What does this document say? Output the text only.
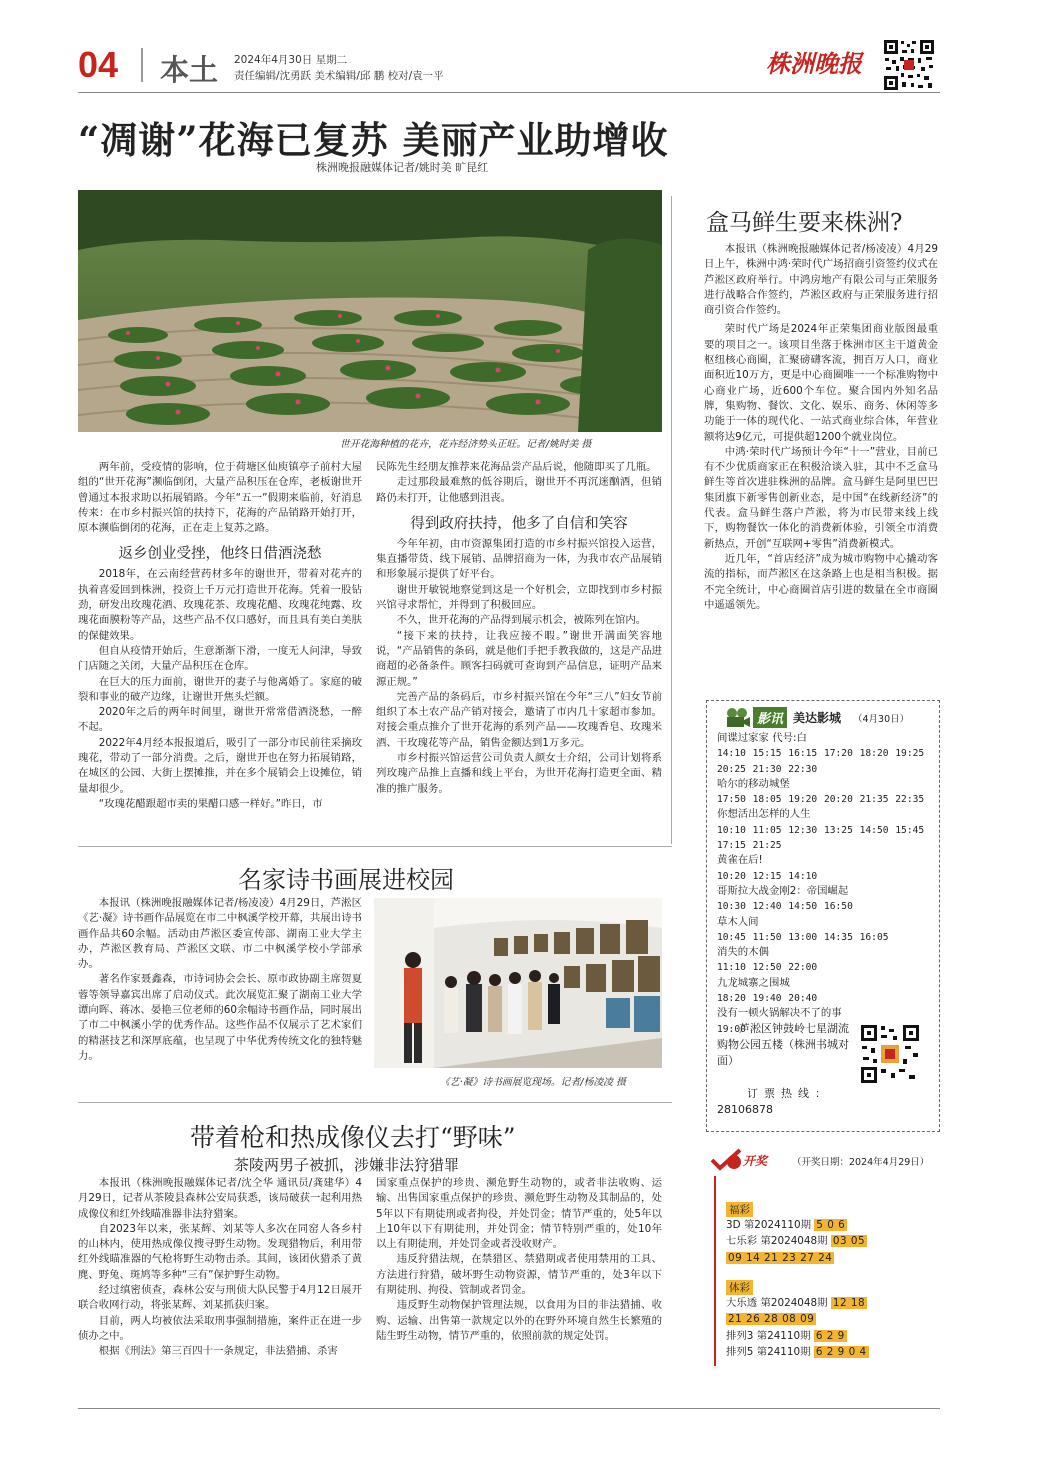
04 本土 2024年4月30日 星期二
责任编辑/沈勇跃 美术编辑/邱 鹏 校对/袁一平	株洲晚报
“凋谢”花海已复苏 美丽产业助增收
株洲晚报融媒体记者/姚时美 旷昆红
世开花海种植的花卉，花卉经济势头正旺。记者/姚时美 摄

两年前，受疫情的影响，位于荷塘区仙庾镇亭子前村大屋组的“世开花海”濒临倒闭，大量产品积压在仓库，老板谢世开曾通过本报求助以拓展销路。今年“五一”假期来临前，好消息传来：在市乡村振兴馆的扶持下，花海的产品销路开始打开，原本濒临倒闭的花海，正在走上复苏之路。

返乡创业受挫，他终日借酒浇愁

2018年，在云南经营药材多年的谢世开，带着对花卉的执着喜爱回到株洲，投资上千万元打造世开花海。凭着一股钻劲，研发出玫瑰花酒、玫瑰花茶、玫瑰花醋、玫瑰花纯露、玫瑰花面膜粉等产品，这些产品不仅口感好，而且具有美白美肤的保健效果。

但自从疫情开始后，生意渐渐下滑，一度无人问津，导致门店随之关闭，大量产品积压在仓库。

在巨大的压力面前，谢世开的妻子与他离婚了。家庭的破裂和事业的破产边缘，让谢世开焦头烂额。

2020年之后的两年时间里，谢世开常常借酒浇愁，一醉不起。

2022年4月经本报报道后，吸引了一部分市民前往采摘玫瑰花，带动了一部分消费。之后，谢世开也在努力拓展销路，在城区的公园、大街上摆摊推，并在多个展销会上设摊位，销量却很少。

“玫瑰花醋跟超市卖的果醋口感一样好。”昨日，市

民陈先生经朋友推荐来花海品尝产品后说，他随即买了几瓶。

走过那段最难熬的低谷期后，谢世开不再沉迷酗酒，但销路仍未打开，让他感到沮丧。

得到政府扶持，他多了自信和笑容

今年年初，由市资源集团打造的市乡村振兴馆投入运营，集直播带货、线下展销、品牌招商为一体，为我市农产品展销和形象展示提供了好平台。

谢世开敏锐地察觉到这是一个好机会，立即找到市乡村振兴馆寻求帮忙，并得到了积极回应。

不久，世开花海的产品得到展示机会，被陈列在馆内。

“接下来的扶持，让我应接不暇。”谢世开满面笑容地说，“产品销售的条码，就是他们手把手教我做的，这是产品进商超的必备条件。顾客扫码就可查询到产品信息，证明产品来源正规。”

完善产品的条码后，市乡村振兴馆在今年“三八”妇女节前组织了本土农产品产销对接会，邀请了市内几十家超市参加。对接会重点推介了世开花海的系列产品——玫瑰香皂、玫瑰米酒、干玫瑰花等产品，销售金额达到1万多元。

市乡村振兴馆运营公司负责人颜女士介绍，公司计划将系列玫瑰产品推上直播和线上平台，为世开花海打造更全面、精准的推广服务。

盒马鲜生要来株洲?

本报讯（株洲晚报融媒体记者/杨凌凌）4月29日上午，株洲中鸿·荣时代广场招商引资签约仪式在芦淞区政府举行。中鸿房地产有限公司与正荣服务进行战略合作签约，芦淞区政府与正荣服务进行招商引资合作签约。

荣时代广场是2024年正荣集团商业版图最重要的项目之一。该项目坐落于株洲市区主干道黄金枢纽核心商圈，汇聚磅礴客流，拥百万人口，商业面积近10万方，更是中心商圈唯一一个标准购物中心商业广场，近600个车位。聚合国内外知名品牌，集购物、餐饮、文化、娱乐、商务、休闲等多功能于一体的现代化、一站式商业综合体，年营业额将达9亿元，可提供超1200个就业岗位。

中鸿·荣时代广场预计今年“十一”营业，目前已有不少优质商家正在积极洽谈入驻，其中不乏盒马鲜生等首次进驻株洲的品牌。盒马鲜生是阿里巴巴集团旗下新零售创新业态，是中国“在线新经济”的代表。盒马鲜生落户芦淞，将为市民带来线上线下，购物餐饮一体化的消费新体验，引领全市消费新热点，开创“互联网+零售”消费新模式。

近几年，“首店经济”成为城市购物中心撬动客流的指标，而芦淞区在这条路上也是相当积极。据不完全统计，中心商圈首店引进的数量在全市商圈中遥遥领先。

名家诗书画展进校园

本报讯（株洲晚报融媒体记者/杨凌凌）4月29日，芦淞区《艺·凝》诗书画作品展览在市二中枫溪学校开幕，共展出诗书画作品共60余幅。活动由芦淞区委宣传部、湖南工业大学主办，芦淞区教育局、芦淞区文联、市二中枫溪学校小学部承办。

著名作家聂鑫森，市诗词协会会长、原市政协副主席贺夏蓉等领导嘉宾出席了启动仪式。此次展览汇聚了湖南工业大学谭向晖、蒋冰、晏艳三位老师的60余幅诗书画作品，同时展出了市二中枫溪小学的优秀作品。这些作品不仅展示了艺术家们的精湛技艺和深厚底蕴，也呈现了中华优秀传统文化的独特魅力。

《艺·凝》诗书画展览现场。记者/杨凌凌 摄
带着枪和热成像仪去打“野味”
茶陵两男子被抓，涉嫌非法狩猎罪

本报讯（株洲晚报融媒体记者/沈仝华 通讯员/龚建华）4月29日，记者从茶陵县森林公安局获悉，该局破获一起利用热成像仪和红外线瞄准器非法狩猎案。

自2023年以来，张某辉、刘某等人多次在同窑人各乡村的山林内，使用热成像仪搜寻野生动物。发现猎物后，利用带红外线瞄准器的气枪将野生动物击杀。其间，该团伙猎杀了黄麂、野兔、斑鸠等多种“三有”保护野生动物。

经过缜密侦查，森林公安与刑侦大队民警于4月12日展开联合收网行动，将张某辉、刘某抓获归案。

目前，两人均被依法采取刑事强制措施，案件正在进一步侦办之中。

根据《刑法》第三百四十一条规定，非法猎捕、杀害

国家重点保护的珍贵、濒危野生动物的，或者非法收购、运输、出售国家重点保护的珍贵、濒危野生动物及其制品的，处5年以下有期徒刑或者拘役，并处罚金；情节严重的，处5年以上10年以下有期徒刑，并处罚金；情节特别严重的，处10年以上有期徒刑，并处罚金或者没收财产。

违反狩猎法规，在禁猎区、禁猎期或者使用禁用的工具、方法进行狩猎，破坏野生动物资源，情节严重的，处3年以下有期徒刑、拘役、管制或者罚金。

违反野生动物保护管理法规，以食用为目的非法猎捕、收购、运输、出售第一款规定以外的在野外环境自然生长繁殖的陆生野生动物，情节严重的，依照前款的规定处罚。

影讯 美达影城 （4月30日）
间谍过家家 代号:白
14:10 15:15 16:15 17:20 18:20 19:25 20:25 21:30 22:30
哈尔的移动城堡
17:50 18:05 19:20 20:20 21:35 22:35
你想活出怎样的人生
10:10 11:05 12:30 13:25 14:50 15:45 17:15 21:25
黄雀在后!
10:20 12:15 14:10
哥斯拉大战金刚2：帝国崛起
10:30 12:40 14:50 16:50
草木人间
10:45 11:50 13:00 14:35 16:05
消失的木偶
11:10 12:50 22:00
九龙城寨之围城
18:20 19:40 20:40
没有一顿火锅解决不了的事
19:00
芦淞区钟鼓岭七星湖流购物公园五楼（株洲书城对面）
订票热线：
28106878
开奖	（开奖日期：2024年4月29日）
福彩
3D 第2024110期 5 0 6
七乐彩 第2024048期 03 05
09 14 21 23 27 24
体彩
大乐透 第2024048期 12 18
21 26 28 08 09
排列3 第24110期 6 2 9
排列5 第24110期 6 2 9 0 4
